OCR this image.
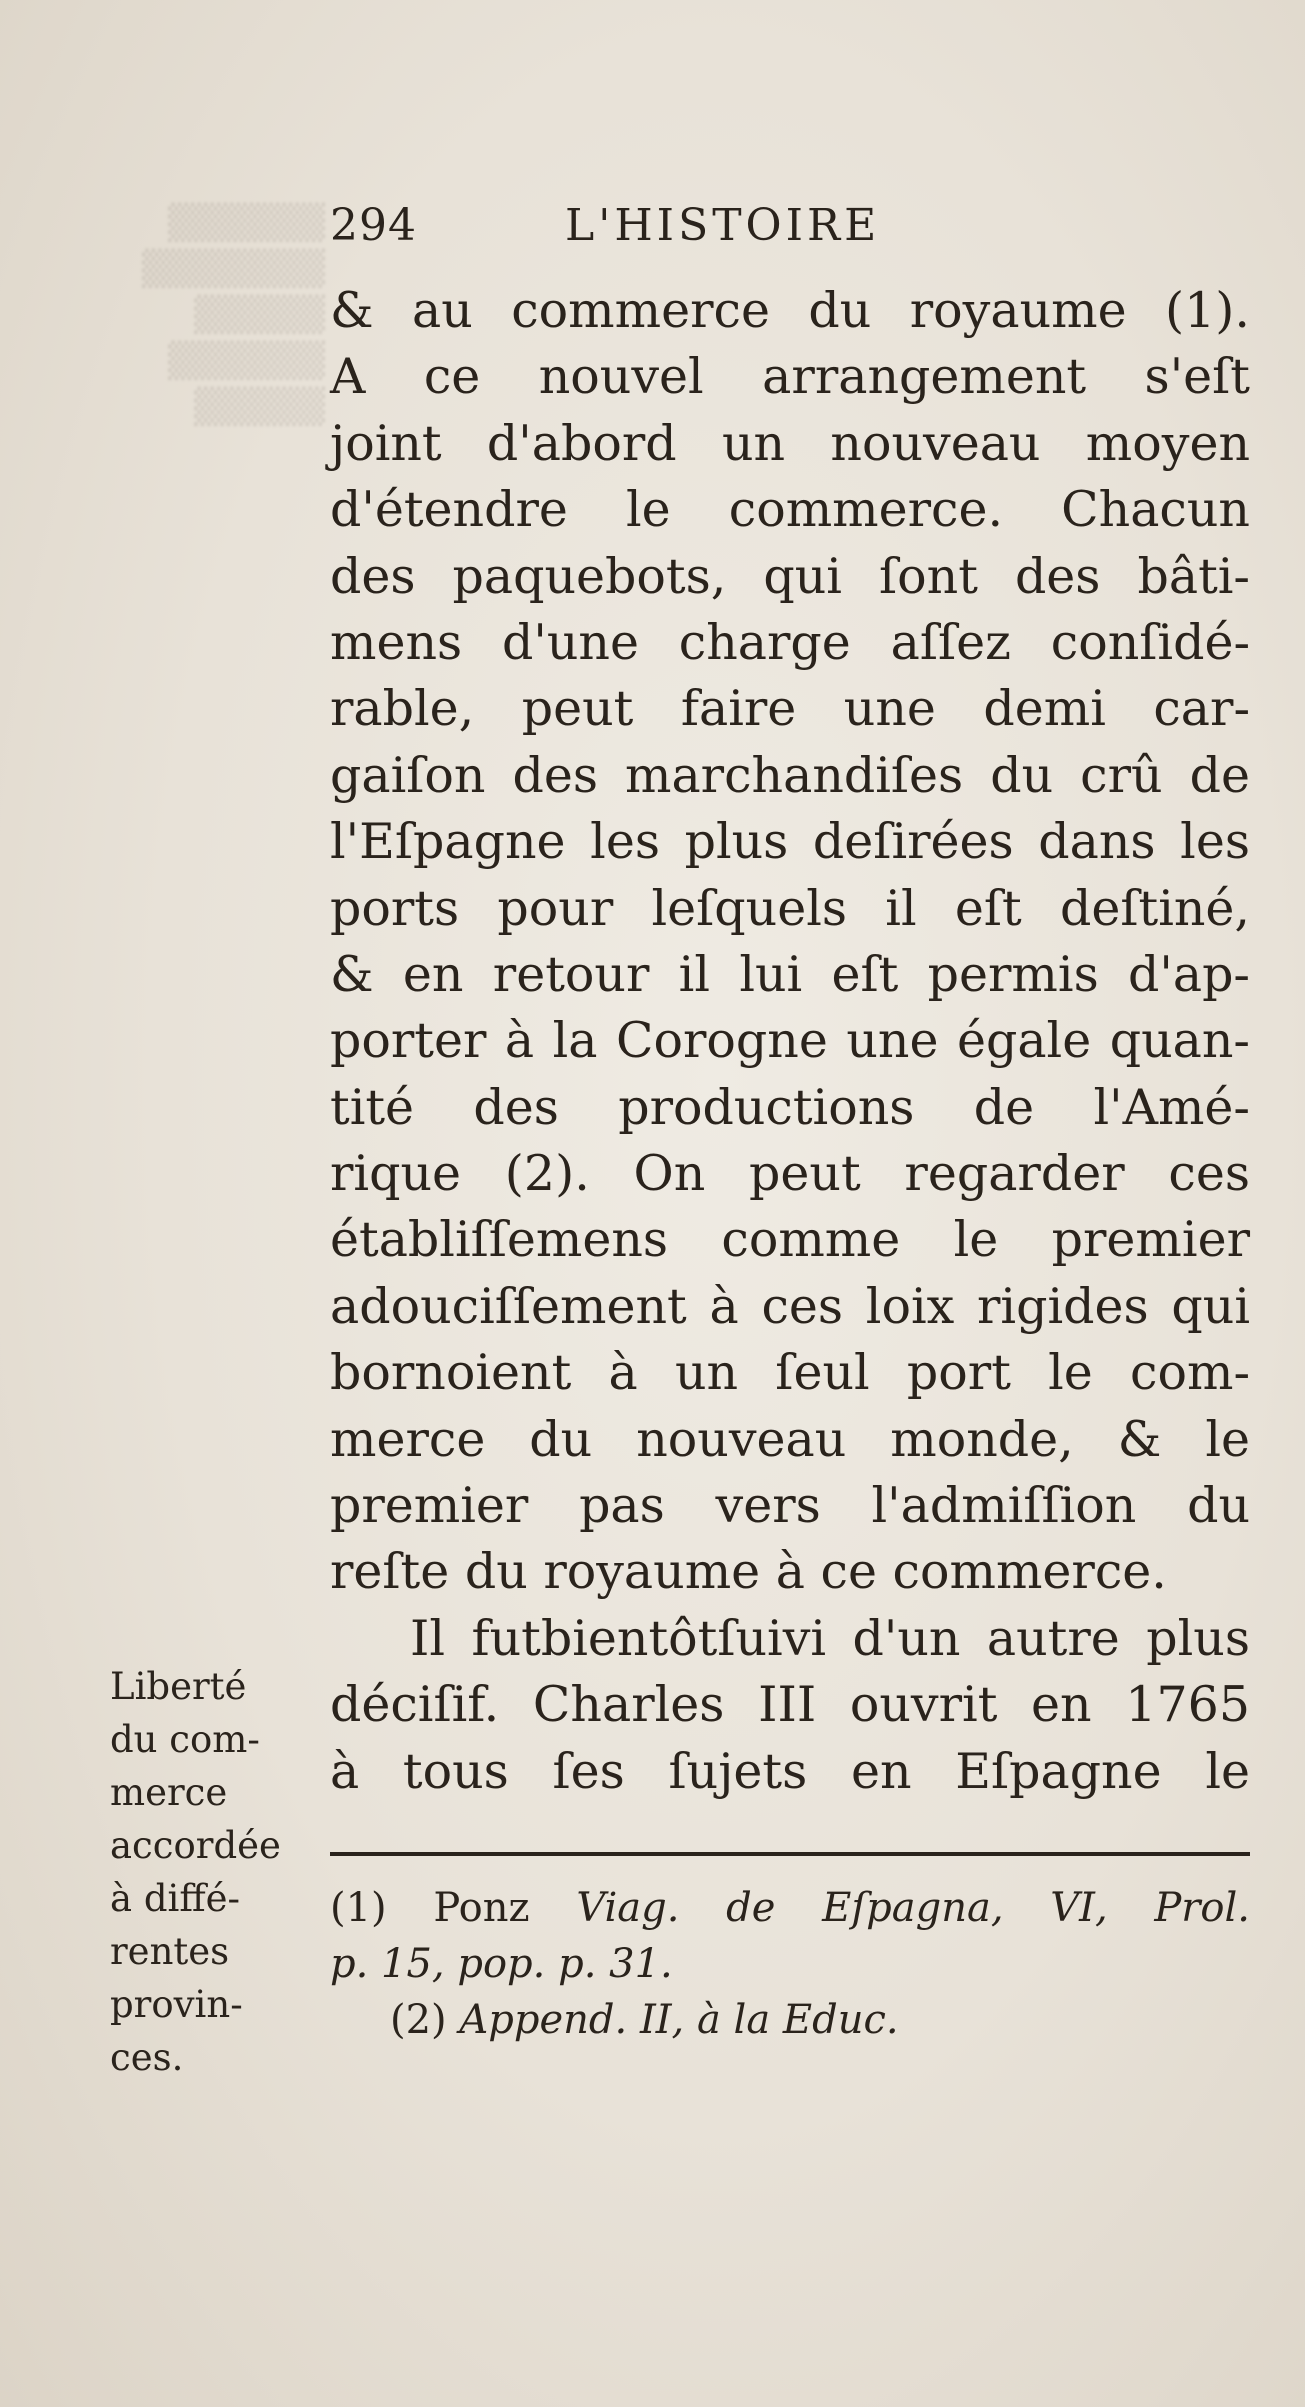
▒▒▒▒▒▒
▒▒▒▒▒▒▒
▒▒▒▒▒
▒▒▒▒▒▒
▒▒▒▒▒
294	L'HISTOIRE
& au commerce du royaume (1).
A ce nouvel arrangement s'eſt
joint d'abord un nouveau moyen
d'étendre le commerce. Chacun
des paquebots, qui ſont des bâti-
mens d'une charge aſſez conſidé-
rable, peut faire une demi car-
gaiſon des marchandiſes du crû de
l'Eſpagne les plus deſirées dans les
ports pour leſquels il eſt deſtiné,
& en retour il lui eſt permis d'ap-
porter à la Corogne une égale quan-
tité des productions de l'Amé-
rique (2). On peut regarder ces
établiſſemens comme le premier
adouciſſement à ces loix rigides qui
bornoient à un ſeul port le com-
merce du nouveau monde, & le
premier pas vers l'admiſſion du
reſte du royaume à ce commerce.
Il futbientôtſuivi d'un autre plus
déciſif. Charles III ouvrit en 1765
à tous ſes ſujets en Eſpagne le
Liberté
du com-
merce
accordée
à diffé-
rentes
provin-
ces.
(1) Ponz Viag. de Eſpagna, VI, Prol.
p. 15, pop. p. 31.
(2) Append. II, à la Educ.
